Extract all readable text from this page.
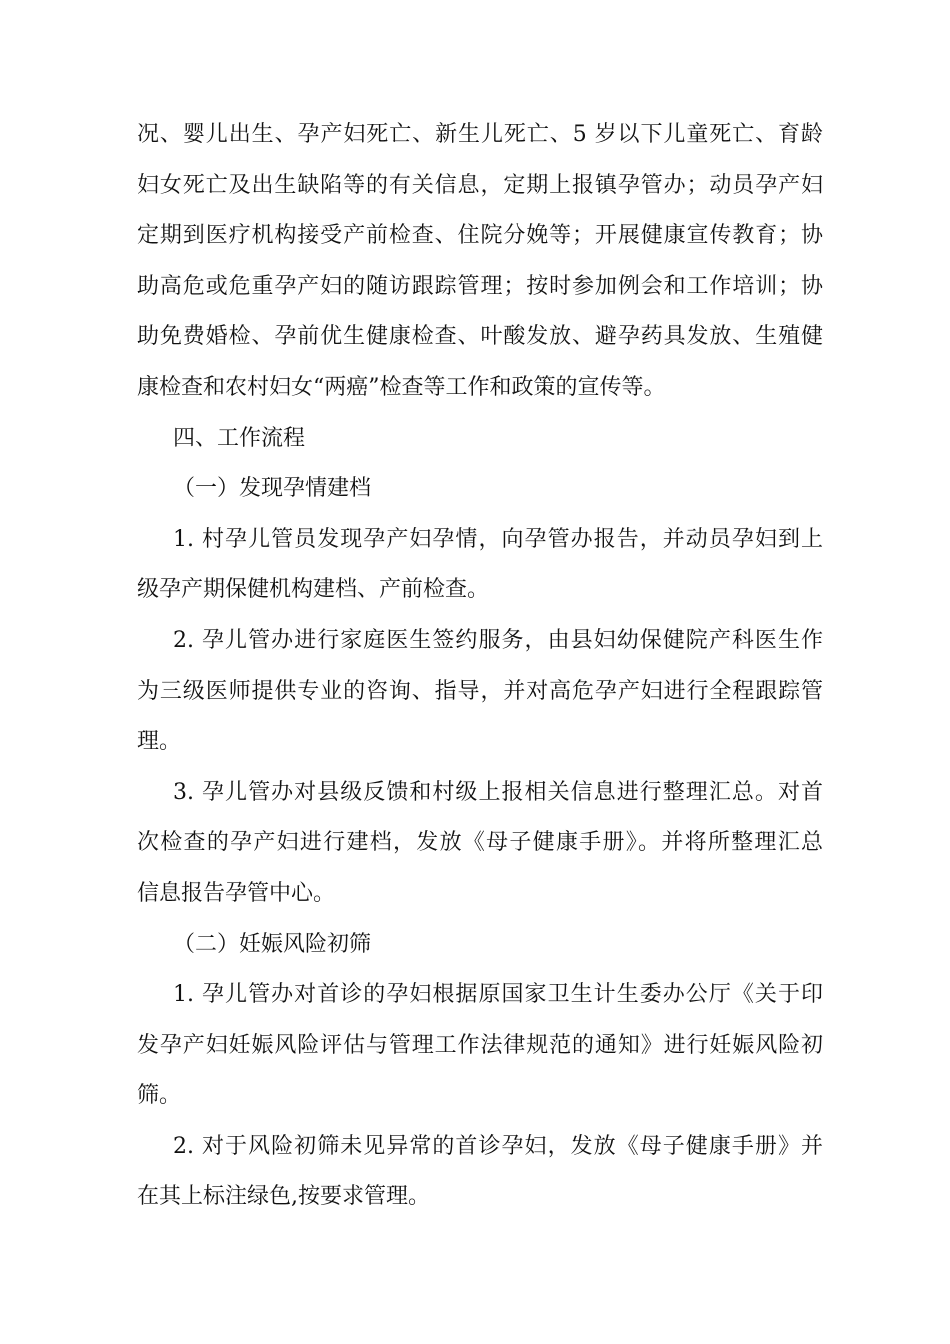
况、婴儿出生、孕产妇死亡、新生儿死亡、5 岁以下儿童死亡、育龄
妇女死亡及出生缺陷等的有关信息，定期上报镇孕管办；动员孕产妇
定期到医疗机构接受产前检查、住院分娩等；开展健康宣传教育；协
助高危或危重孕产妇的随访跟踪管理；按时参加例会和工作培训；协
助免费婚检、孕前优生健康检查、叶酸发放、避孕药具发放、生殖健
康检查和农村妇女“两癌”检查等工作和政策的宣传等。
四、工作流程
（一）发现孕情建档
1. 村孕儿管员发现孕产妇孕情，向孕管办报告，并动员孕妇到上
级孕产期保健机构建档、产前检查。
2. 孕儿管办进行家庭医生签约服务，由县妇幼保健院产科医生作
为三级医师提供专业的咨询、指导，并对高危孕产妇进行全程跟踪管
理。
3. 孕儿管办对县级反馈和村级上报相关信息进行整理汇总。对首
次检查的孕产妇进行建档，发放《母子健康手册》。并将所整理汇总
信息报告孕管中心。
（二）妊娠风险初筛
1. 孕儿管办对首诊的孕妇根据原国家卫生计生委办公厅《关于印
发孕产妇妊娠风险评估与管理工作法律规范的通知》进行妊娠风险初
筛。
2. 对于风险初筛未见异常的首诊孕妇，发放《母子健康手册》并
在其上标注绿色,按要求管理。
